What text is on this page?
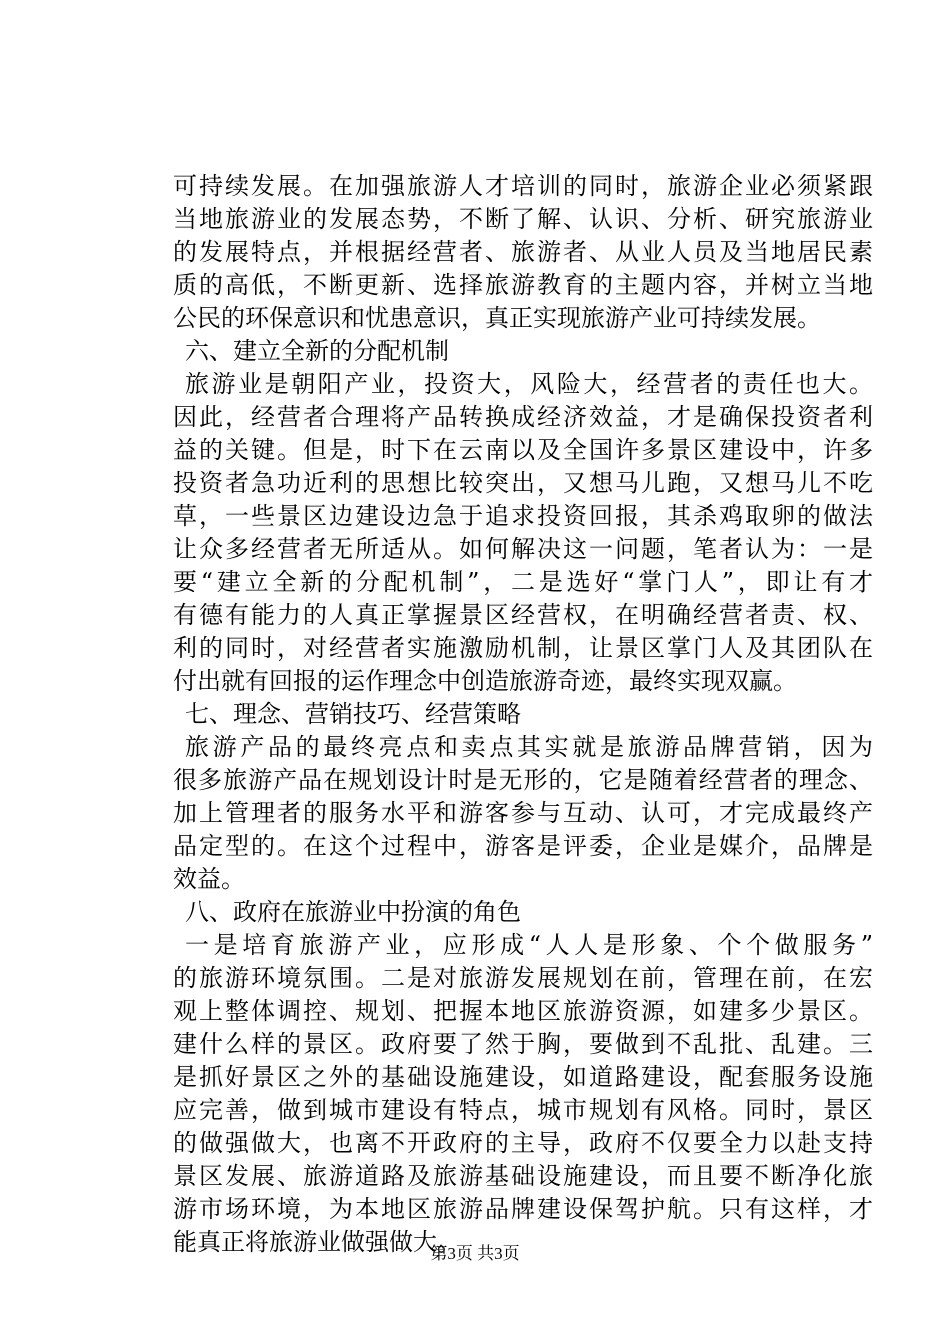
可持续发展。在加强旅游人才培训的同时，旅游企业必须紧跟
当地旅游业的发展态势，不断了解、认识、分析、研究旅游业
的发展特点，并根据经营者、旅游者、从业人员及当地居民素
质的高低，不断更新、选择旅游教育的主题内容，并树立当地
公民的环保意识和忧患意识，真正实现旅游产业可持续发展。
六、建立全新的分配机制
旅游业是朝阳产业，投资大，风险大，经营者的责任也大。
因此，经营者合理将产品转换成经济效益，才是确保投资者利
益的关键。但是，时下在云南以及全国许多景区建设中，许多
投资者急功近利的思想比较突出，又想马儿跑，又想马儿不吃
草，一些景区边建设边急于追求投资回报，其杀鸡取卵的做法
让众多经营者无所适从。如何解决这一问题，笔者认为：一是
要“建立全新的分配机制”，二是选好“掌门人”，即让有才
有德有能力的人真正掌握景区经营权，在明确经营者责、权、
利的同时，对经营者实施激励机制，让景区掌门人及其团队在
付出就有回报的运作理念中创造旅游奇迹，最终实现双赢。
七、理念、营销技巧、经营策略
旅游产品的最终亮点和卖点其实就是旅游品牌营销，因为
很多旅游产品在规划设计时是无形的，它是随着经营者的理念、
加上管理者的服务水平和游客参与互动、认可，才完成最终产
品定型的。在这个过程中，游客是评委，企业是媒介，品牌是
效益。
八、政府在旅游业中扮演的角色
一是培育旅游产业，应形成“人人是形象、个个做服务”
的旅游环境氛围。二是对旅游发展规划在前，管理在前，在宏
观上整体调控、规划、把握本地区旅游资源，如建多少景区。
建什么样的景区。政府要了然于胸，要做到不乱批、乱建。三
是抓好景区之外的基础设施建设，如道路建设，配套服务设施
应完善，做到城市建设有特点，城市规划有风格。同时，景区
的做强做大，也离不开政府的主导，政府不仅要全力以赴支持
景区发展、旅游道路及旅游基础设施建设，而且要不断净化旅
游市场环境，为本地区旅游品牌建设保驾护航。只有这样，才
能真正将旅游业做强做大。
第3页 共3页
